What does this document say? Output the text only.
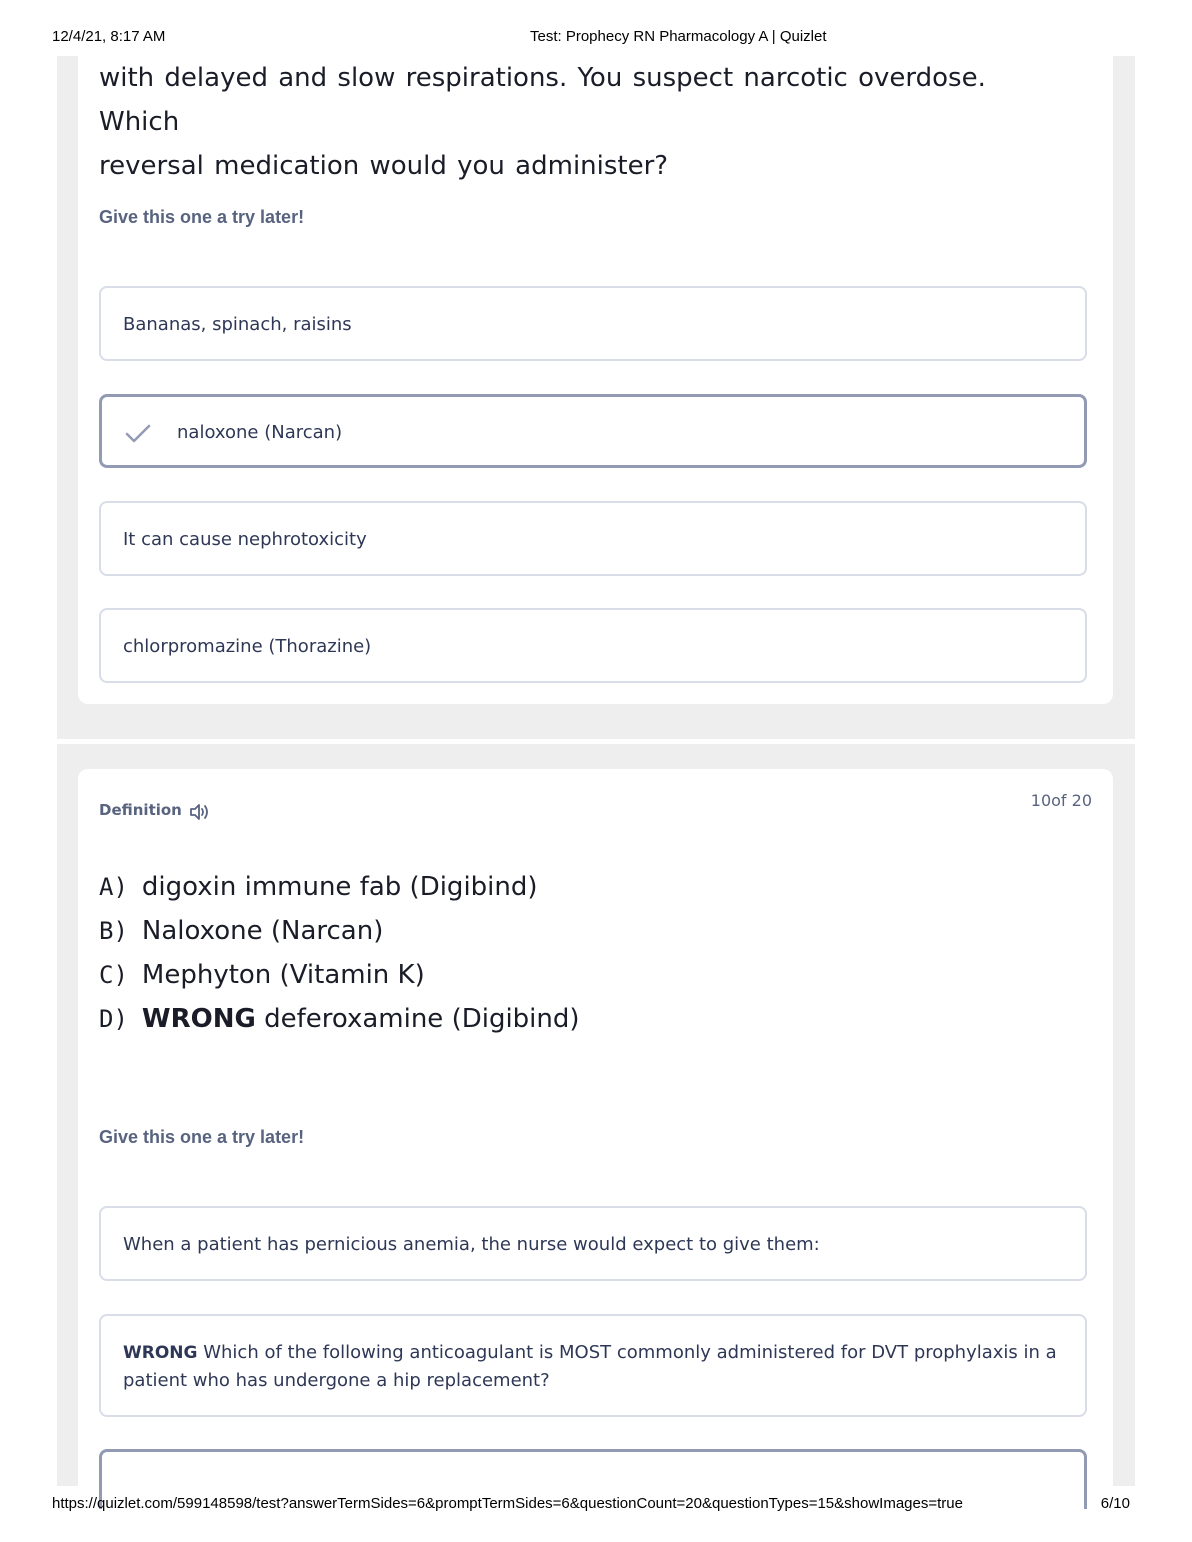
12/4/21, 8:17 AM	Test: Prophecy RN Pharmacology A | Quizlet
with delayed and slow respirations. You suspect narcotic overdose. Which
reversal medication would you administer?
Give this one a try later!
Bananas, spinach, raisins
naloxone (Narcan)
It can cause nephrotoxicity
chlorpromazine (Thorazine)
Definition	10of 20
A) digoxin immune fab (Digibind)
B) Naloxone (Narcan)
C) Mephyton (Vitamin K)
D) WRONG deferoxamine (Digibind)
Give this one a try later!
When a patient has pernicious anemia, the nurse would expect to give them:
WRONG Which of the following anticoagulant is MOST commonly administered for DVT prophylaxis in a
patient who has undergone a hip replacement?
https://quizlet.com/599148598/test?answerTermSides=6&promptTermSides=6&questionCount=20&questionTypes=15&showImages=true	6/10
